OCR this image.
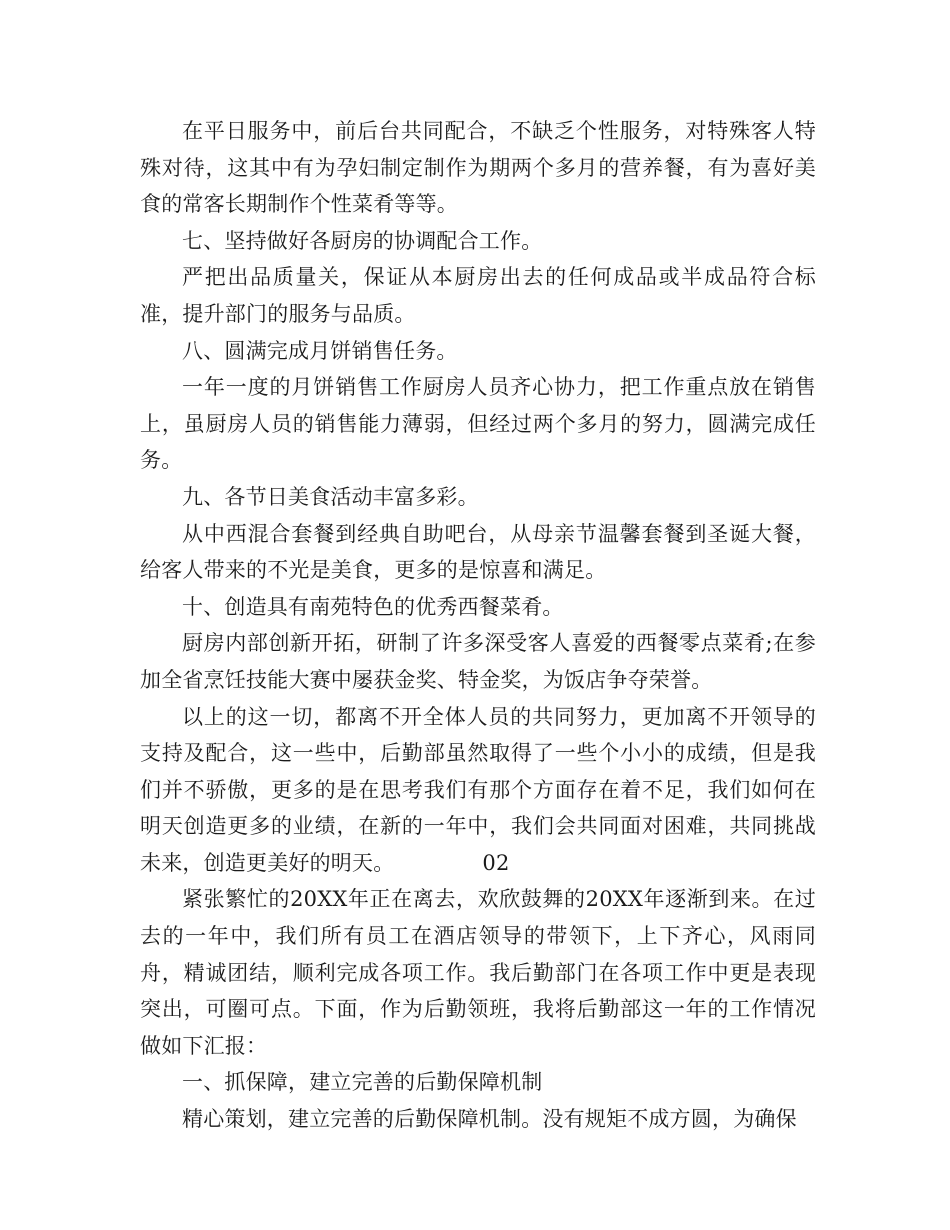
在平日服务中，前后台共同配合，不缺乏个性服务，对特殊客人特殊对待，这其中有为孕妇制定制作为期两个多月的营养餐，有为喜好美食的常客长期制作个性菜肴等等。

七、坚持做好各厨房的协调配合工作。

严把出品质量关，保证从本厨房出去的任何成品或半成品符合标准，提升部门的服务与品质。

八、圆满完成月饼销售任务。

一年一度的月饼销售工作厨房人员齐心协力，把工作重点放在销售上，虽厨房人员的销售能力薄弱，但经过两个多月的努力，圆满完成任务。

九、各节日美食活动丰富多彩。

从中西混合套餐到经典自助吧台，从母亲节温馨套餐到圣诞大餐，给客人带来的不光是美食，更多的是惊喜和满足。

十、创造具有南苑特色的优秀西餐菜肴。

厨房内部创新开拓，研制了许多深受客人喜爱的西餐零点菜肴;在参加全省烹饪技能大赛中屡获金奖、特金奖，为饭店争夺荣誉。

以上的这一切，都离不开全体人员的共同努力，更加离不开领导的支持及配合，这一些中，后勤部虽然取得了一些个小小的成绩，但是我们并不骄傲，更多的是在思考我们有那个方面存在着不足，我们如何在明天创造更多的业绩，在新的一年中，我们会共同面对困难，共同挑战未来，创造更美好的明天。	02

紧张繁忙的20XX年正在离去，欢欣鼓舞的20XX年逐渐到来。在过去的一年中，我们所有员工在酒店领导的带领下，上下齐心，风雨同舟，精诚团结，顺利完成各项工作。我后勤部门在各项工作中更是表现突出，可圈可点。下面，作为后勤领班，我将后勤部这一年的工作情况做如下汇报：

一、抓保障，建立完善的后勤保障机制

精心策划，建立完善的后勤保障机制。没有规矩不成方圆，为确保
